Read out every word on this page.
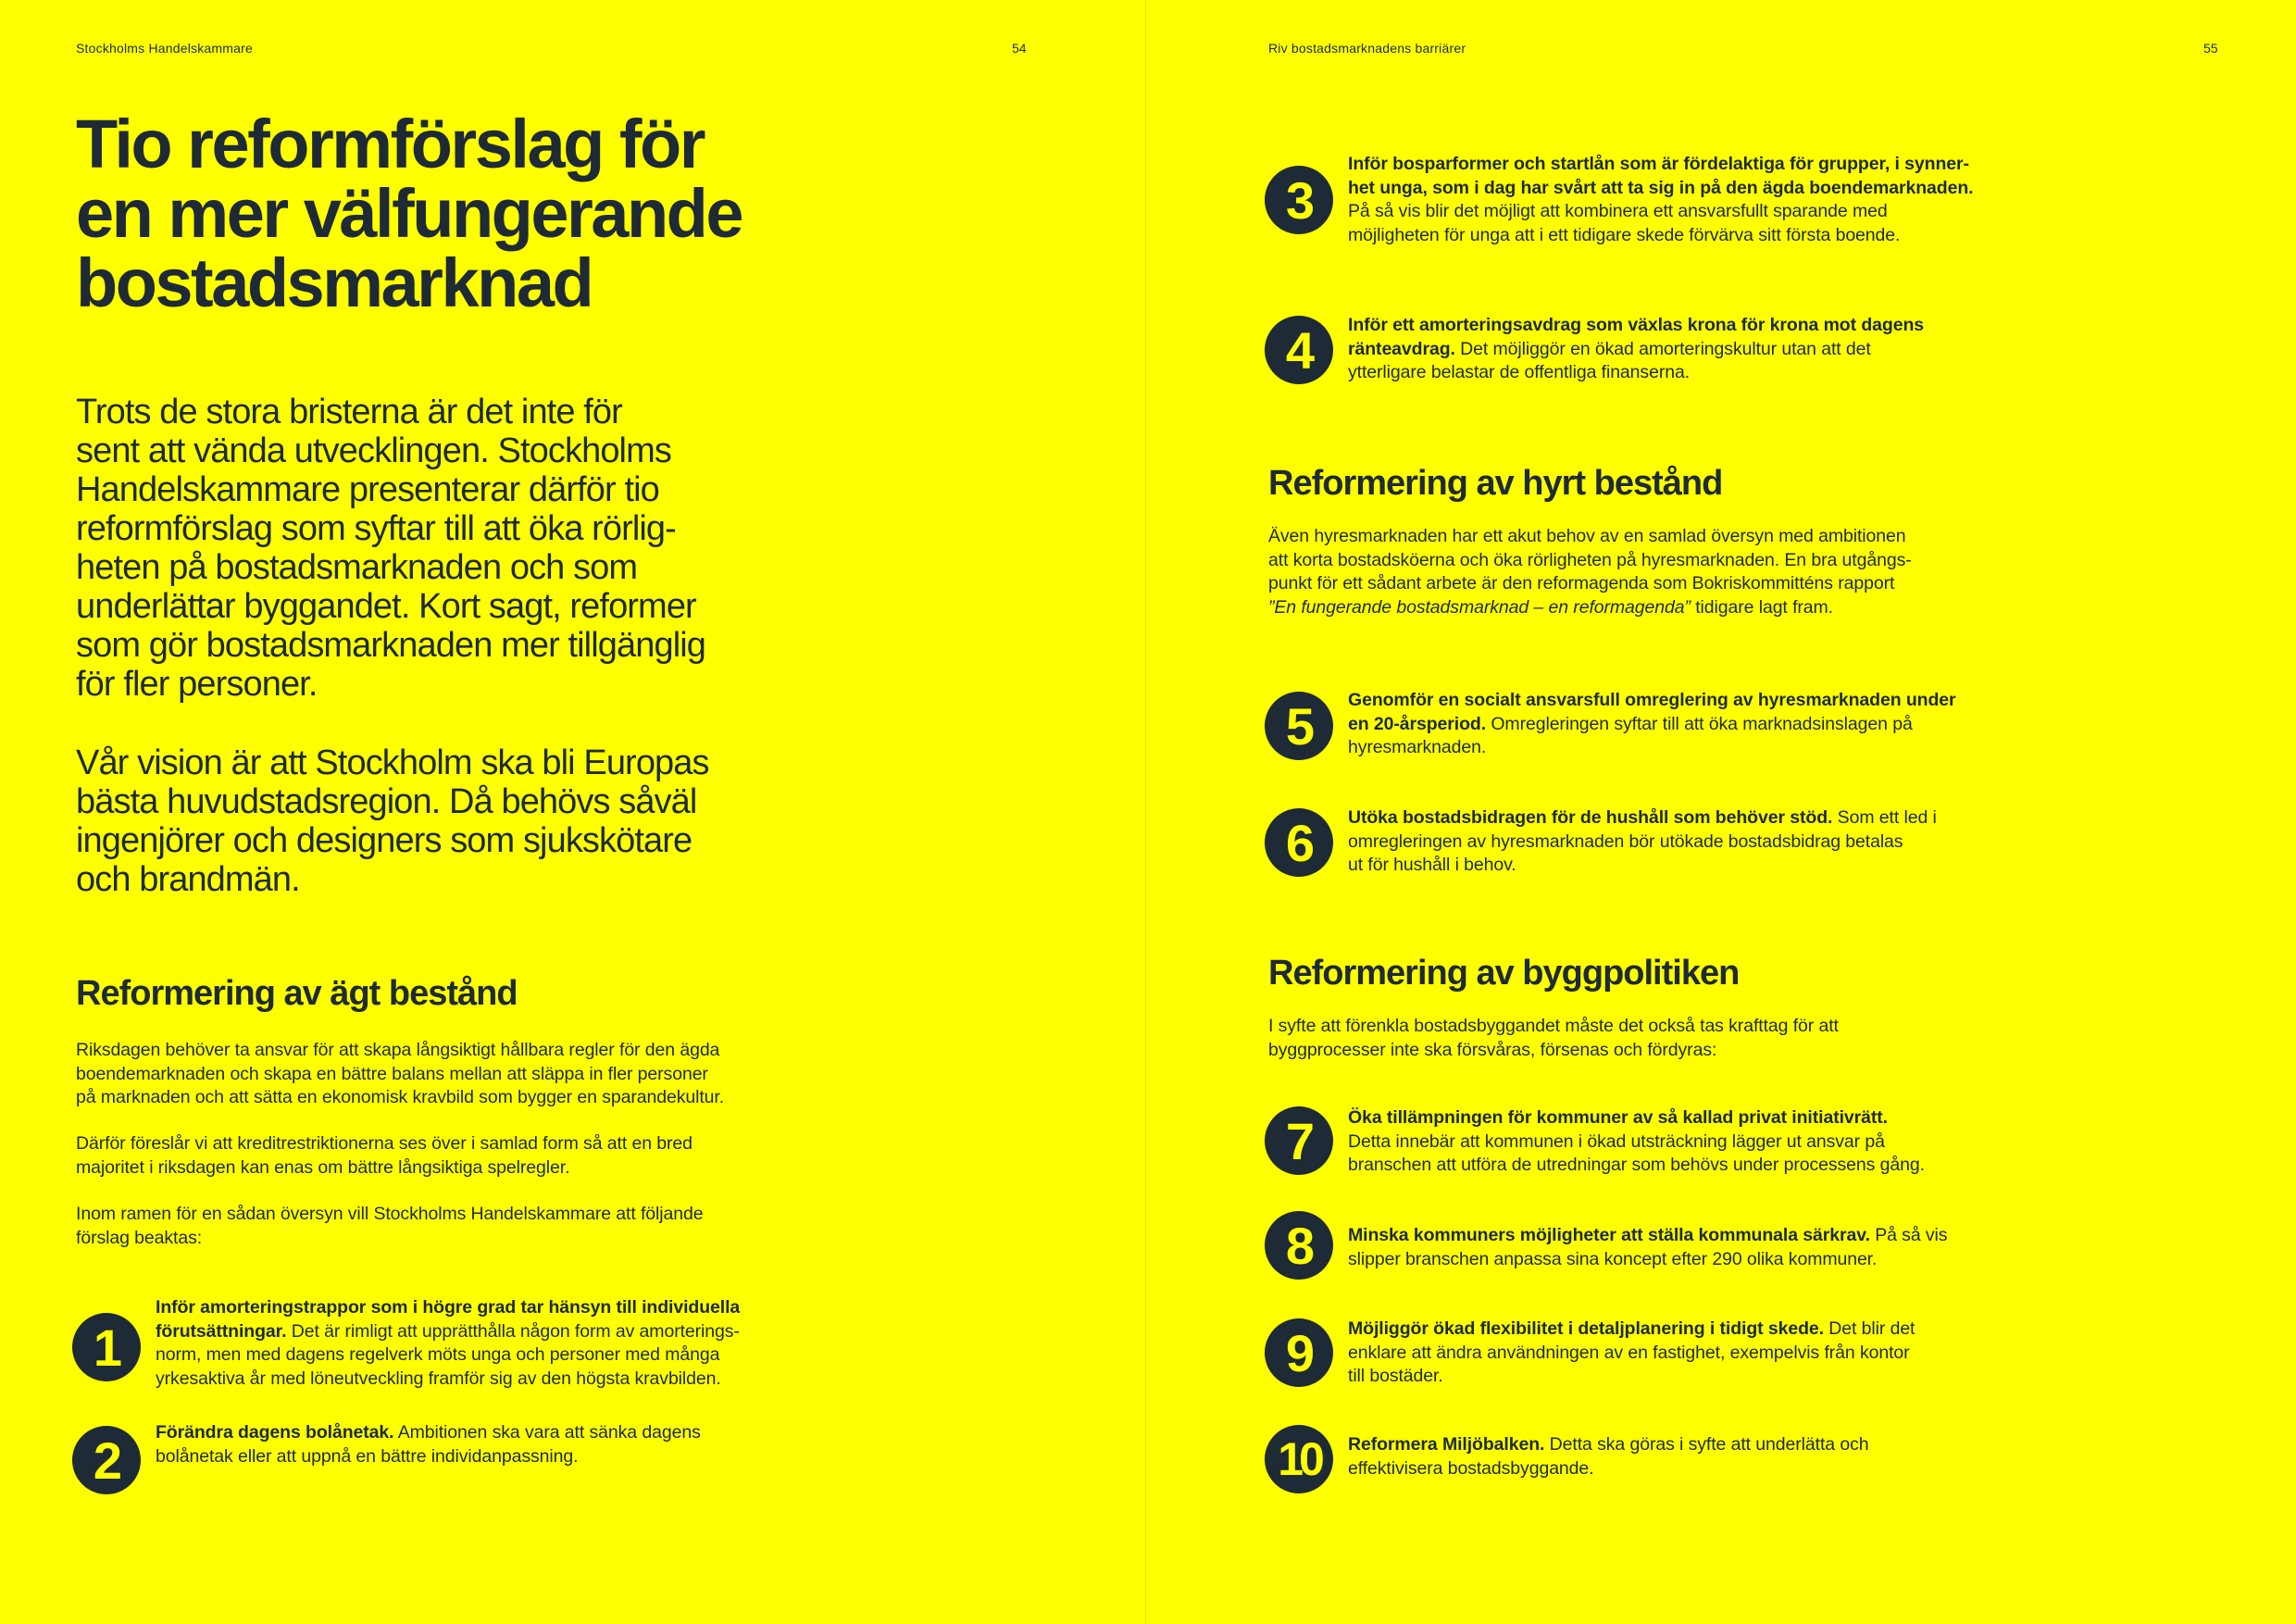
Stockholms Handelskammare	54
Tio reformförslag för
en mer välfungerande
bostadsmarknad

Trots de stora bristerna är det inte för
sent att vända utvecklingen. Stockholms
Handelskammare presenterar därför tio
reformförslag som syftar till att öka rörlig-
heten på bostadsmarknaden och som
underlättar byggandet. Kort sagt, reformer
som gör bostadsmarknaden mer tillgänglig
för fler personer.

Vår vision är att Stockholm ska bli Europas
bästa huvudstadsregion. Då behövs såväl
ingenjörer och designers som sjukskötare
och brandmän.

Reformering av ägt bestånd

Riksdagen behöver ta ansvar för att skapa långsiktigt hållbara regler för den ägda
boendemarknaden och skapa en bättre balans mellan att släppa in fler personer
på marknaden och att sätta en ekonomisk kravbild som bygger en sparandekultur.

Därför föreslår vi att kreditrestriktionerna ses över i samlad form så att en bred
majoritet i riksdagen kan enas om bättre långsiktiga spelregler.

Inom ramen för en sådan översyn vill Stockholms Handelskammare att följande
förslag beaktas:

1

Inför amorteringstrappor som i högre grad tar hänsyn till individuella
förutsättningar. Det är rimligt att upprätthålla någon form av amorterings-
norm, men med dagens regelverk möts unga och personer med många
yrkesaktiva år med löneutveckling framför sig av den högsta kravbilden.

2	Förändra dagens bolånetak. Ambitionen ska vara att sänka dagens
bolånetak eller att uppnå en bättre individanpassning.

Riv bostadsmarknadens barriärer	55
3

Inför bosparformer och startlån som är fördelaktiga för grupper, i synner-
het unga, som i dag har svårt att ta sig in på den ägda boendemarknaden.
På så vis blir det möjligt att kombinera ett ansvarsfullt sparande med
möjligheten för unga att i ett tidigare skede förvärva sitt första boende.

4	Inför ett amorteringsavdrag som växlas krona för krona mot dagens
ränteavdrag. Det möjliggör en ökad amorteringskultur utan att det
ytterligare belastar de offentliga finanserna.

Reformering av hyrt bestånd

Även hyresmarknaden har ett akut behov av en samlad översyn med ambitionen
att korta bostadsköerna och öka rörligheten på hyresmarknaden. En bra utgångs-
punkt för ett sådant arbete är den reformagenda som Bokriskommitténs rapport
”En fungerande bostadsmarknad – en reformagenda” tidigare lagt fram.

5	Genomför en socialt ansvarsfull omreglering av hyresmarknaden under
en 20-årsperiod. Omregleringen syftar till att öka marknadsinslagen på
hyresmarknaden.

6	Utöka bostadsbidragen för de hushåll som behöver stöd. Som ett led i
omregleringen av hyresmarknaden bör utökade bostadsbidrag betalas
ut för hushåll i behov.

Reformering av byggpolitiken

I syfte att förenkla bostadsbyggandet måste det också tas krafttag för att
byggprocesser inte ska försvåras, försenas och fördyras:

7	Öka tillämpningen för kommuner av så kallad privat initiativrätt.
Detta innebär att kommunen i ökad utsträckning lägger ut ansvar på
branschen att utföra de utredningar som behövs under processens gång.

8	Minska kommuners möjligheter att ställa kommunala särkrav. På så vis
slipper branschen anpassa sina koncept efter 290 olika kommuner.

9	Möjliggör ökad flexibilitet i detaljplanering i tidigt skede. Det blir det
enklare att ändra användningen av en fastighet, exempelvis från kontor
till bostäder.

10	Reformera Miljöbalken. Detta ska göras i syfte att underlätta och
effektivisera bostadsbyggande.
